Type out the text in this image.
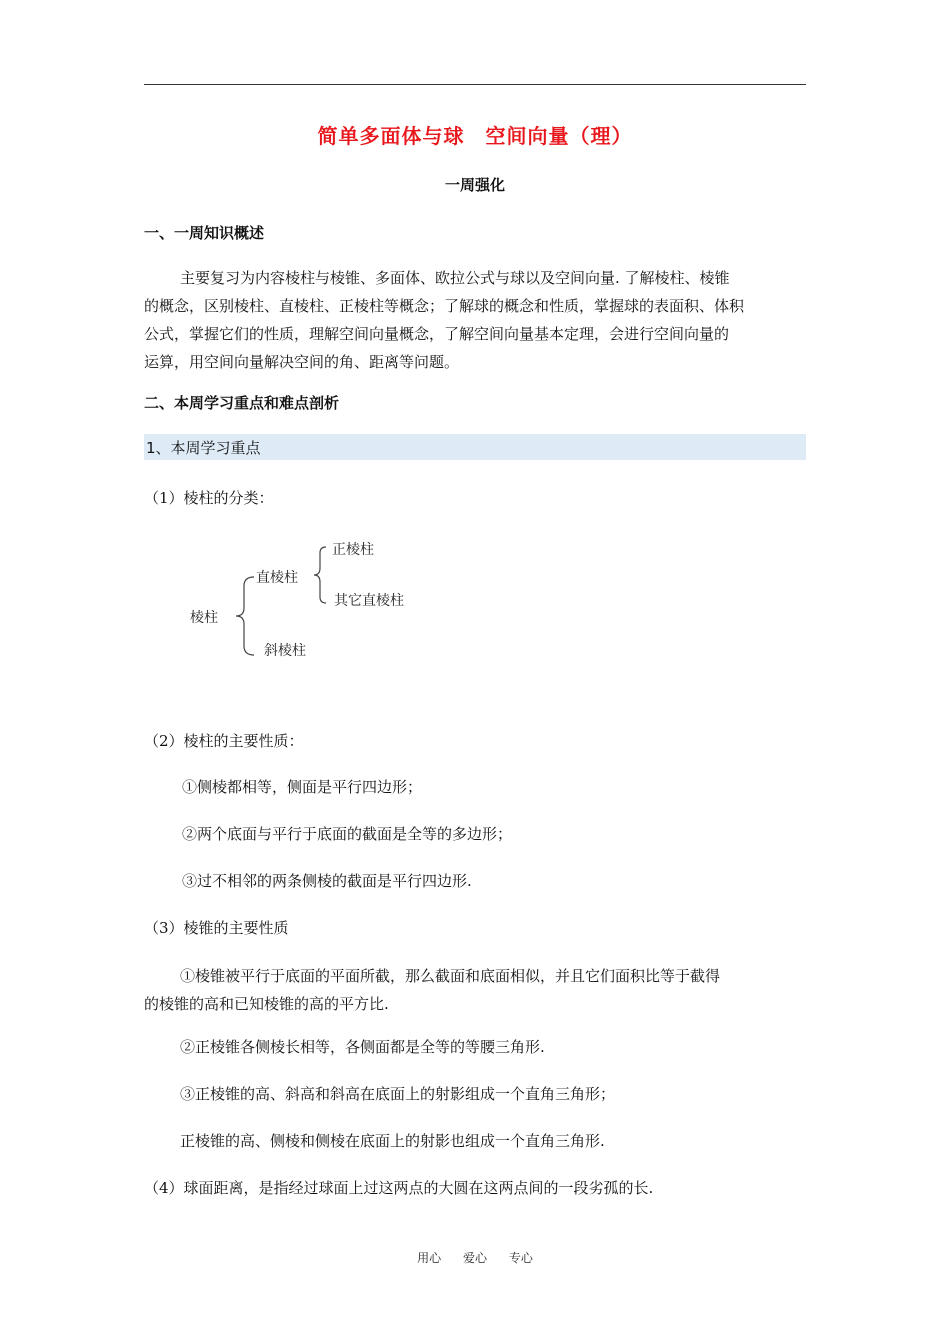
简单多面体与球　空间向量（理）
一周强化
一、一周知识概述
主要复习为内容棱柱与棱锥、多面体、欧拉公式与球以及空间向量. 了解棱柱、棱锥
的概念，区别棱柱、直棱柱、正棱柱等概念；了解球的概念和性质，掌握球的表面积、体积
公式，掌握它们的性质，理解空间向量概念，了解空间向量基本定理，会进行空间向量的
运算，用空间向量解决空间的角、距离等问题。
二、本周学习重点和难点剖析
1、本周学习重点
（1）棱柱的分类：
棱柱
直棱柱
正棱柱
其它直棱柱
斜棱柱
（2）棱柱的主要性质：
①侧棱都相等，侧面是平行四边形；
②两个底面与平行于底面的截面是全等的多边形；
③过不相邻的两条侧棱的截面是平行四边形.
（3）棱锥的主要性质
①棱锥被平行于底面的平面所截，那么截面和底面相似，并且它们面积比等于截得
的棱锥的高和已知棱锥的高的平方比.
②正棱锥各侧棱长相等，各侧面都是全等的等腰三角形.
③正棱锥的高、斜高和斜高在底面上的射影组成一个直角三角形；
正棱锥的高、侧棱和侧棱在底面上的射影也组成一个直角三角形.
（4）球面距离，是指经过球面上过这两点的大圆在这两点间的一段劣孤的长.
用心 爱心 专心
